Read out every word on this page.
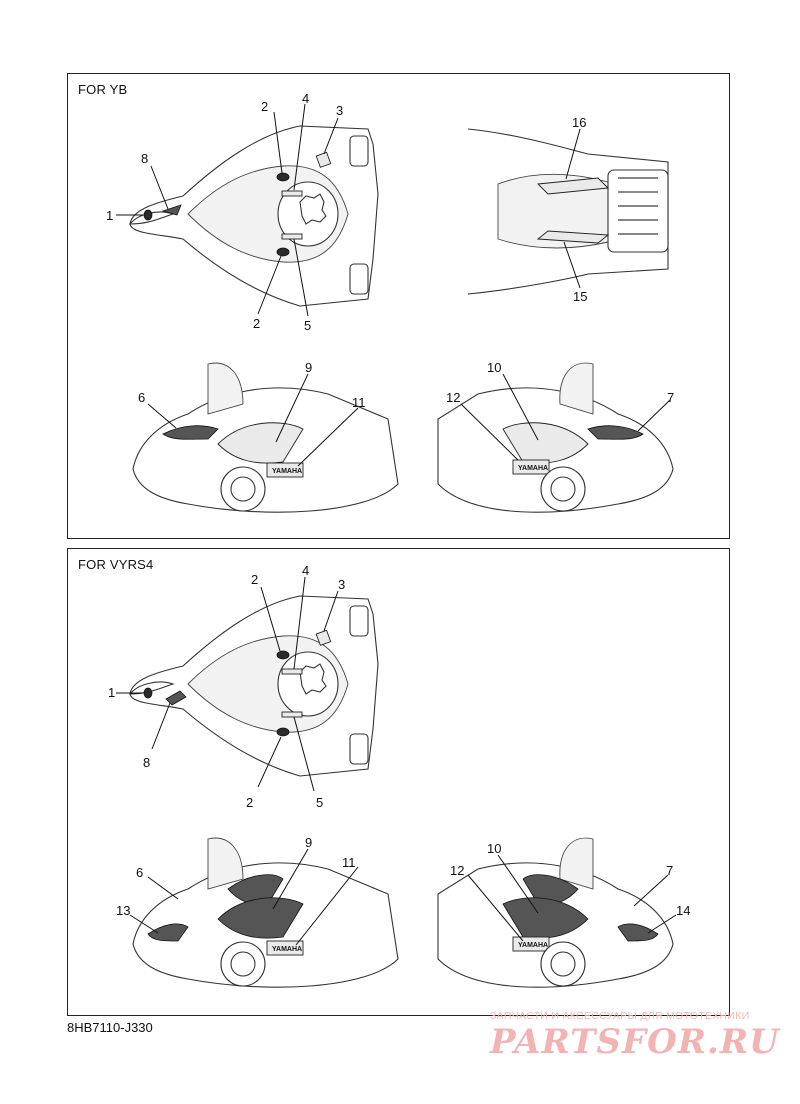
FOR YB
2
4
3
8
1
2	5
16
15
YAMAHA
9
11
6
YAMAHA
10
12	7
FOR VYRS4
2
4
3
1
8
2	5
YAMAHA
9
11
6
13
YAMAHA
10
12	7
14
8HB7110-J330
ЗАПЧАСТИ И АКСЕССУАРЫ ДЛЯ МОТОТЕХНИКИ
PARTSFOR.RU
